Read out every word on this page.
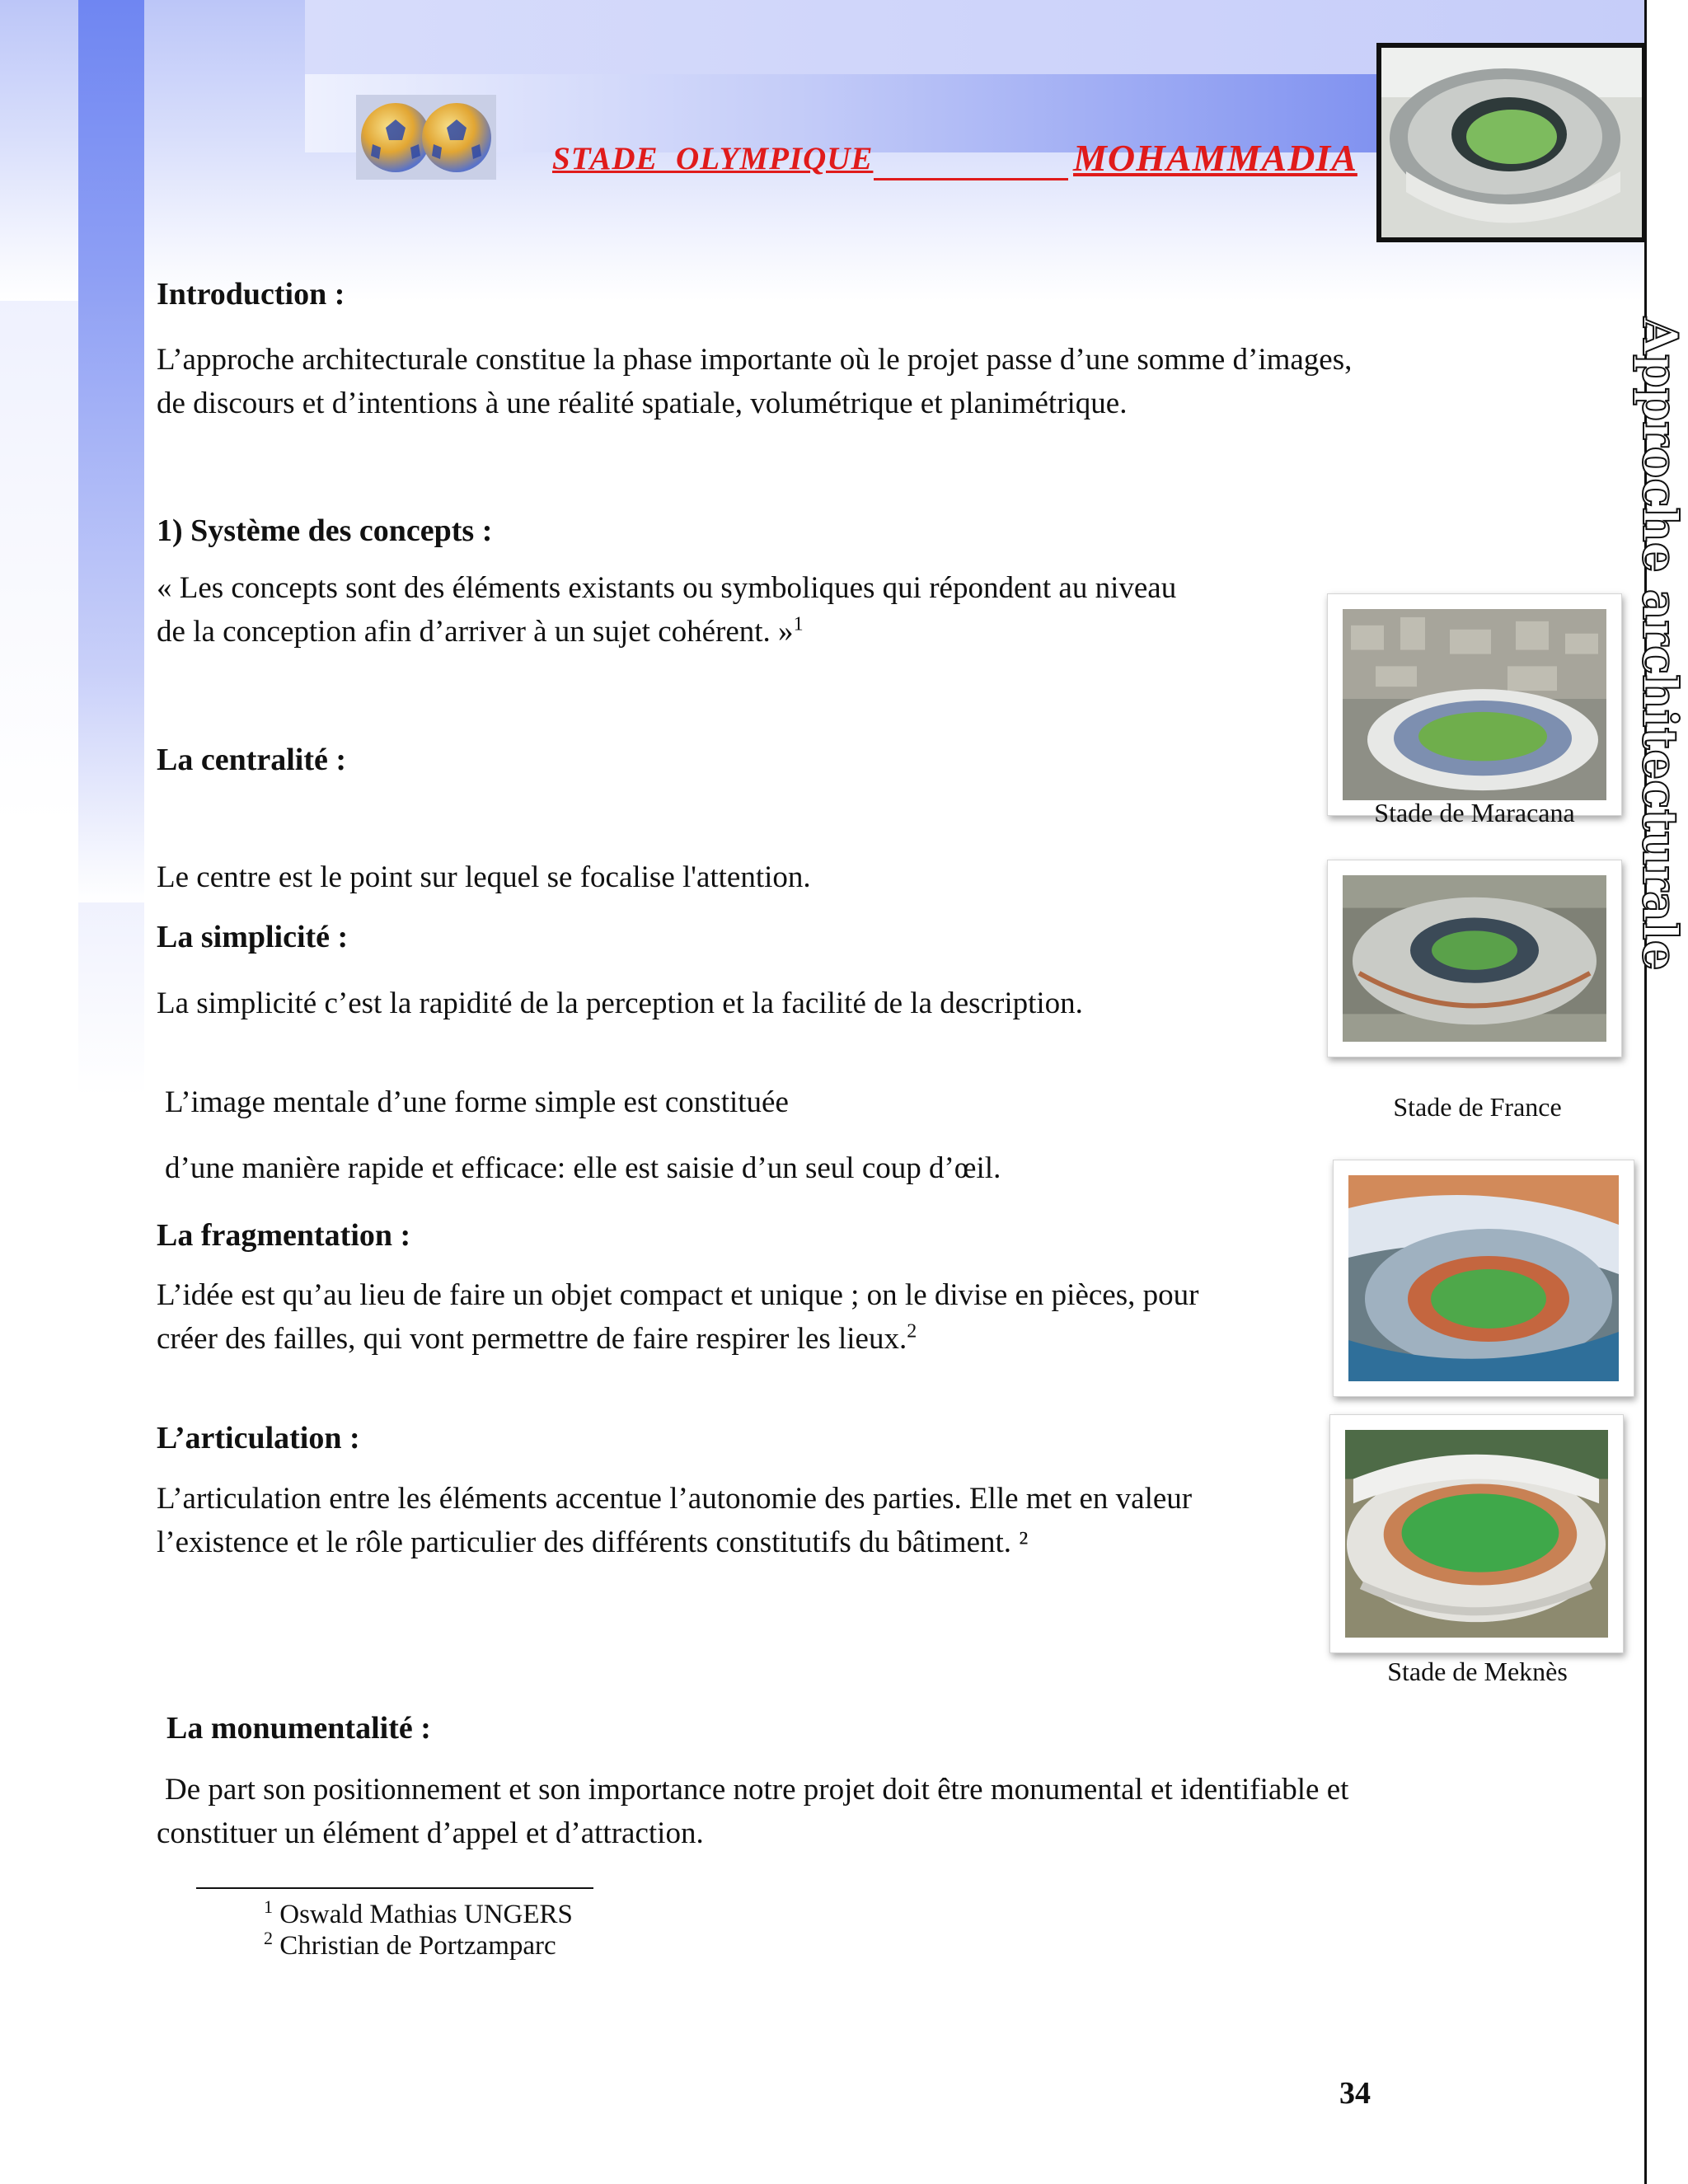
STADE  OLYMPIQUE	MOHAMMADIA
Approche architecturale
Introduction :
L’approche architecturale constitue la phase importante où le projet passe d’une somme d’images,
de discours et d’intentions à une réalité spatiale, volumétrique et planimétrique.
1) Système des concepts :
« Les concepts sont des éléments existants ou symboliques qui répondent au niveau
de la conception afin d’arriver à un sujet cohérent. »$^1$
La centralité :
Le centre est le point sur lequel se focalise l'attention.
La simplicité :
La simplicité c’est la rapidité de la perception et la facilité de la description.
L’image mentale d’une forme simple est constituée
d’une manière rapide et efficace: elle est saisie d’un seul coup d’œil.
La fragmentation :
L’idée est qu’au lieu de faire un objet compact et unique ; on le divise en pièces, pour
créer des failles, qui vont permettre de faire respirer les lieux.$^2$
L’articulation :
L’articulation entre les éléments accentue l’autonomie des parties. Elle met en valeur
l’existence et le rôle particulier des différents constitutifs du bâtiment. ²
La monumentalité :
De part son positionnement et son importance notre projet doit être monumental et identifiable et
constituer un élément d’appel et d’attraction.
Stade de Maracana
Stade de France
Stade de Meknès
$^1$ Oswald Mathias UNGERS
$^2$ Christian de Portzamparc
34
